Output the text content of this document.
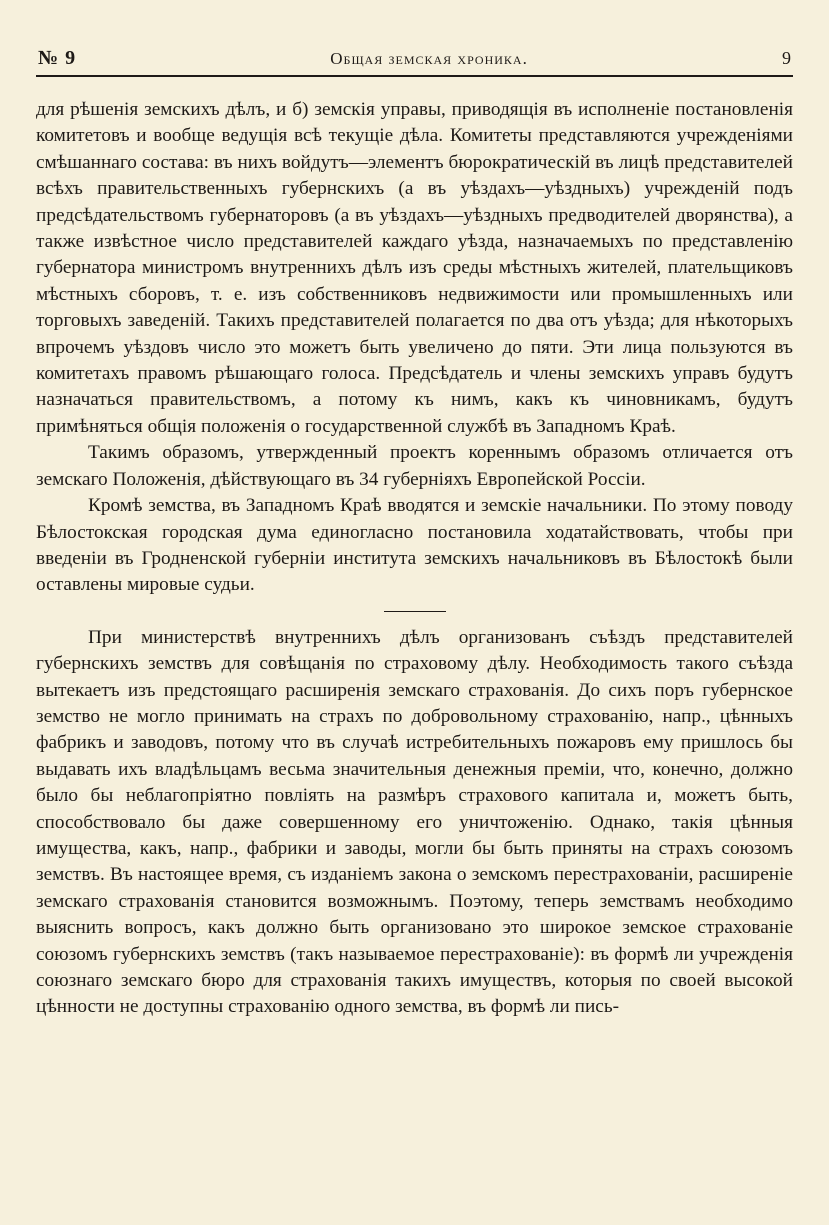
№ 9	Общая земская хроника.	9

для рѣшенія земскихъ дѣлъ, и б) земскія управы, приводящія въ исполненіе постановленія комитетовъ и вообще ведущія всѣ текущіе дѣла. Комитеты представляются учрежденіями смѣшаннаго состава: въ нихъ войдутъ—элементъ бюрократическій въ лицѣ представителей всѣхъ правительственныхъ губернскихъ (а въ уѣздахъ—уѣздныхъ) учрежденій подъ предсѣдательствомъ губернаторовъ (а въ уѣздахъ—уѣздныхъ предводителей дворянства), а также извѣстное число представителей каждаго уѣзда, назначаемыхъ по представленію губернатора министромъ внутреннихъ дѣлъ изъ среды мѣстныхъ жителей, плательщиковъ мѣстныхъ сборовъ, т. е. изъ собственниковъ недвижимости или промышленныхъ или торговыхъ заведеній. Такихъ представителей полагается по два отъ уѣзда; для нѣкоторыхъ впрочемъ уѣздовъ число это можетъ быть увеличено до пяти. Эти лица пользуются въ комитетахъ правомъ рѣшающаго голоса. Предсѣдатель и члены земскихъ управъ будутъ назначаться правительствомъ, а потому къ нимъ, какъ къ чиновникамъ, будутъ примѣняться общія положенія о государственной службѣ въ Западномъ Краѣ.

Такимъ образомъ, утвержденный проектъ кореннымъ образомъ отличается отъ земскаго Положенія, дѣйствующаго въ 34 губерніяхъ Европейской Россіи.

Кромѣ земства, въ Западномъ Краѣ вводятся и земскіе начальники. По этому поводу Бѣлостокская городская дума единогласно постановила ходатайствовать, чтобы при введеніи въ Гродненской губерніи института земскихъ начальниковъ въ Бѣлостокѣ были оставлены мировые судьи.

При министерствѣ внутреннихъ дѣлъ организованъ съѣздъ представителей губернскихъ земствъ для совѣщанія по страховому дѣлу. Необходимость такого съѣзда вытекаетъ изъ предстоящаго расширенія земскаго страхованія. До сихъ поръ губернское земство не могло принимать на страхъ по добровольному страхованію, напр., цѣнныхъ фабрикъ и заводовъ, потому что въ случаѣ истребительныхъ пожаровъ ему пришлось бы выдавать ихъ владѣльцамъ весьма значительныя денежныя преміи, что, конечно, должно было бы неблагопріятно повліять на размѣръ страхового капитала и, можетъ быть, способствовало бы даже совершенному его уничтоженію. Однако, такія цѣнныя имущества, какъ, напр., фабрики и заводы, могли бы быть приняты на страхъ союзомъ земствъ. Въ настоящее время, съ изданіемъ закона о земскомъ перестрахованіи, расширеніе земскаго страхованія становится возможнымъ. Поэтому, теперь земствамъ необходимо выяснить вопросъ, какъ должно быть организовано это широкое земское страхованіе союзомъ губернскихъ земствъ (такъ называемое перестрахованіе): въ формѣ ли учрежденія союзнаго земскаго бюро для страхованія такихъ имуществъ, которыя по своей высокой цѣнности не доступны страхованію одного земства, въ формѣ ли пись-
